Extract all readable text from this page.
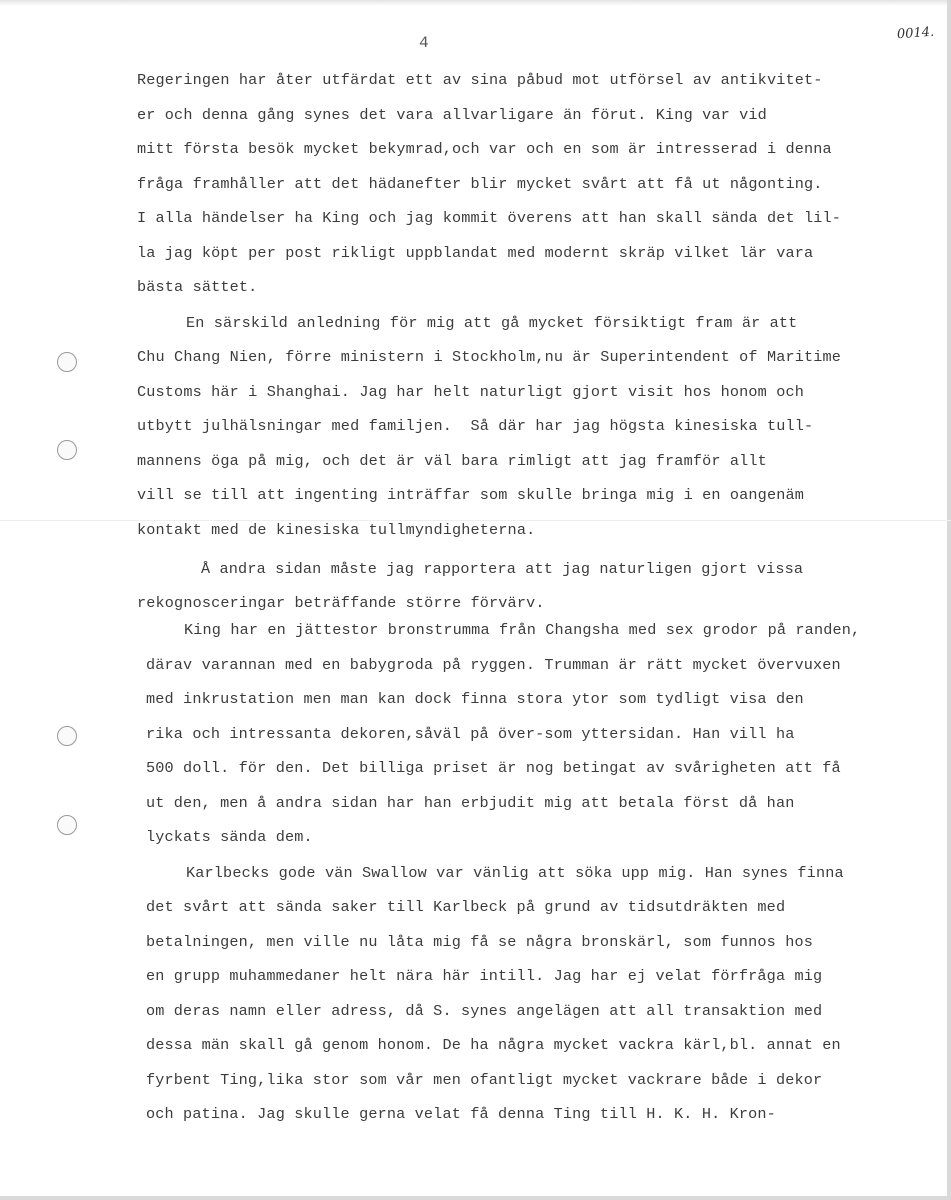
4
0014.
Regeringen har åter utfärdat ett av sina påbud mot utförsel av antikvitet-
er och denna gång synes det vara allvarligare än förut. King var vid
mitt första besök mycket bekymrad,och var och en som är intresserad i denna
fråga framhåller att det hädanefter blir mycket svårt att få ut någonting.
I alla händelser ha King och jag kommit överens att han skall sända det lil-
la jag köpt per post rikligt uppblandat med modernt skräp vilket lär vara
bästa sättet.
En särskild anledning för mig att gå mycket försiktigt fram är att
Chu Chang Nien, förre ministern i Stockholm,nu är Superintendent of Maritime
Customs här i Shanghai. Jag har helt naturligt gjort visit hos honom och
utbytt julhälsningar med familjen.  Så där har jag högsta kinesiska tull-
mannens öga på mig, och det är väl bara rimligt att jag framför allt
vill se till att ingenting inträffar som skulle bringa mig i en oangenäm
kontakt med de kinesiska tullmyndigheterna.
Å andra sidan måste jag rapportera att jag naturligen gjort vissa
rekognosceringar beträffande större förvärv.
King har en jättestor bronstrumma från Changsha med sex grodor på randen,
därav varannan med en babygroda på ryggen. Trumman är rätt mycket övervuxen
med inkrustation men man kan dock finna stora ytor som tydligt visa den
rika och intressanta dekoren,såväl på över-som yttersidan. Han vill ha
500 doll. för den. Det billiga priset är nog betingat av svårigheten att få
ut den, men å andra sidan har han erbjudit mig att betala först då han
lyckats sända dem.
Karlbecks gode vän Swallow var vänlig att söka upp mig. Han synes finna
det svårt att sända saker till Karlbeck på grund av tidsutdräkten med
betalningen, men ville nu låta mig få se några bronskärl, som funnos hos
en grupp muhammedaner helt nära här intill. Jag har ej velat förfråga mig
om deras namn eller adress, då S. synes angelägen att all transaktion med
dessa män skall gå genom honom. De ha några mycket vackra kärl,bl. annat en
fyrbent Ting,lika stor som vår men ofantligt mycket vackrare både i dekor
och patina. Jag skulle gerna velat få denna Ting till H. K. H. Kron-
